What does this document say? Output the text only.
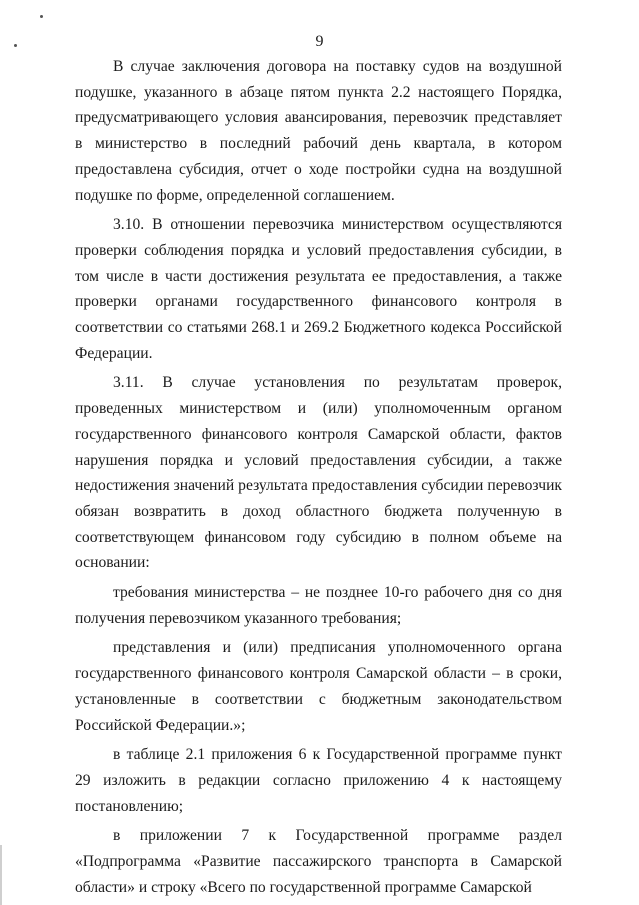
9

В случае заключения договора на поставку судов на воздушной подушке, указанного в абзаце пятом пункта 2.2 настоящего Порядка, предусматривающего условия авансирования, перевозчик представляет в министерство в последний рабочий день квартала, в котором предоставлена субсидия, отчет о ходе постройки судна на воздушной подушке по форме, определенной соглашением.

3.10. В отношении перевозчика министерством осуществляются проверки соблюдения порядка и условий предоставления субсидии, в том числе в части достижения результата ее предоставления, а также проверки органами государственного финансового контроля в соответствии со статьями 268.1 и 269.2 Бюджетного кодекса Российской Федерации.

3.11. В случае установления по результатам проверок, проведенных министерством и (или) уполномоченным органом государственного финансового контроля Самарской области, фактов нарушения порядка и условий предоставления субсидии, а также недостижения значений результата предоставления субсидии перевозчик обязан возвратить в доход областного бюджета полученную в соответствующем финансовом году субсидию в полном объеме на основании:

требования министерства – не позднее 10-го рабочего дня со дня получения перевозчиком указанного требования;

представления и (или) предписания уполномоченного органа государственного финансового контроля Самарской области – в сроки, установленные в соответствии с бюджетным законодательством Российской Федерации.»;

в таблице 2.1 приложения 6 к Государственной программе пункт 29 изложить в редакции согласно приложению 4 к настоящему постановлению;

в приложении 7 к Государственной программе раздел «Подпрограмма «Развитие пассажирского транспорта в Самарской области» и строку «Всего по государственной программе Самарской
